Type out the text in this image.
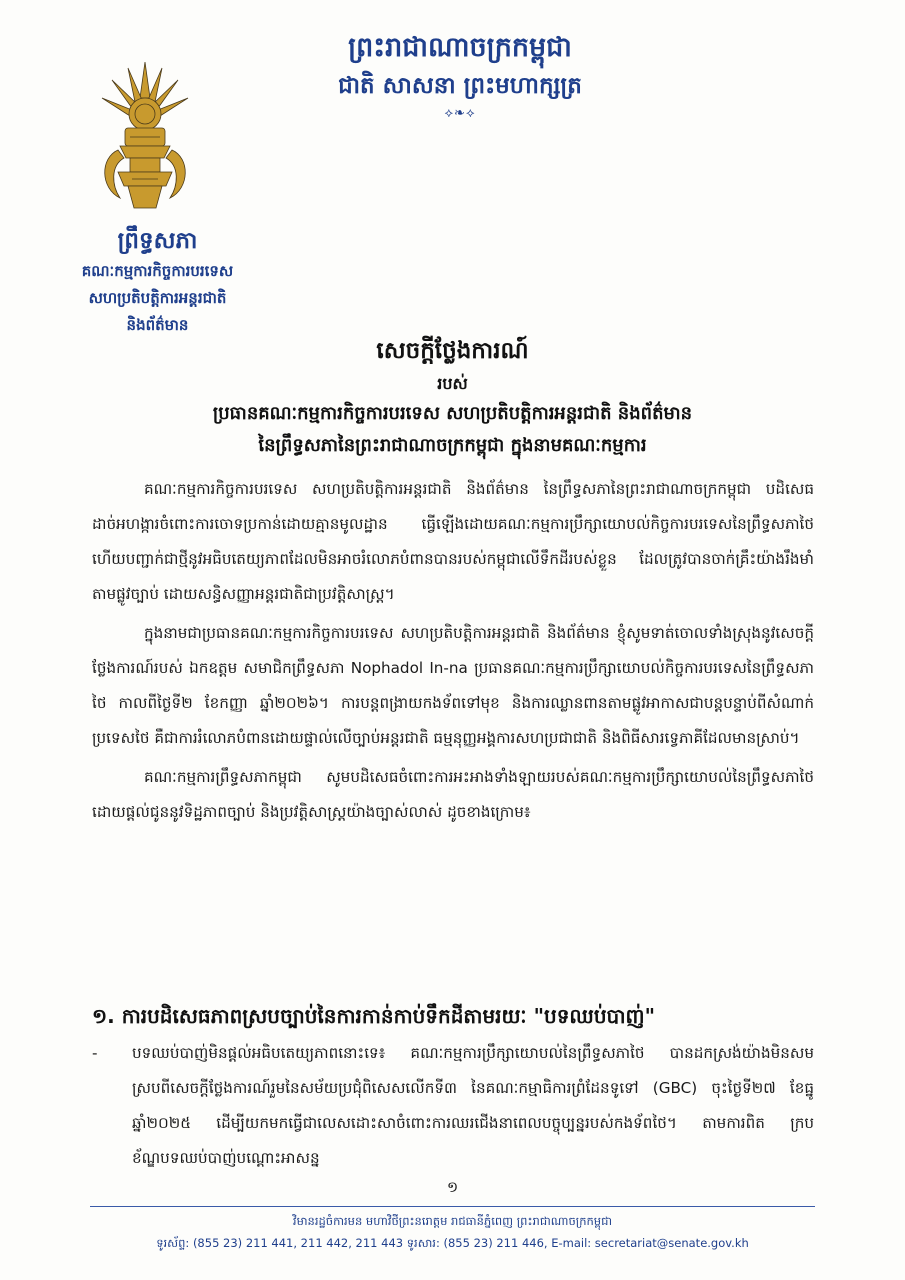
ព្រះរាជាណាចក្រកម្ពុជា
ជាតិ សាសនា ព្រះមហាក្សត្រ
⟡❧⟡
ព្រឹទ្ធសភា
គណៈកម្មការកិច្ចការបរទេស
សហប្រតិបត្តិការអន្តរជាតិ
និងព័ត៌មាន
សេចក្តីថ្លែងការណ៍
របស់
ប្រធានគណៈកម្មការកិច្ចការបរទេស សហប្រតិបត្តិការអន្តរជាតិ និងព័ត៌មាន
នៃព្រឹទ្ធសភានៃព្រះរាជាណាចក្រកម្ពុជា ក្នុងនាមគណៈកម្មការ

គណៈកម្មការកិច្ចការបរទេស សហប្រតិបត្តិការអន្តរជាតិ និងព័ត៌មាន នៃព្រឹទ្ធសភានៃព្រះរាជាណាចក្រកម្ពុជា បដិសេធដាច់អហង្ការចំពោះការចោទប្រកាន់ដោយគ្មានមូលដ្ឋាន ធ្វើឡើងដោយគណៈកម្មការប្រឹក្សាយោបល់កិច្ចការបរទេសនៃព្រឹទ្ធសភាថៃ ហើយបញ្ជាក់ជាថ្មីនូវអធិបតេយ្យភាពដែលមិនអាចរំលោភបំពានបានរបស់កម្ពុជាលើទឹកដីរបស់ខ្លួន ដែលត្រូវបានចាក់គ្រឹះយ៉ាងរឹងមាំតាមផ្លូវច្បាប់ ដោយសន្ធិសញ្ញាអន្តរជាតិជាប្រវត្តិសាស្ត្រ។

ក្នុងនាមជាប្រធានគណៈកម្មការកិច្ចការបរទេស សហប្រតិបត្តិការអន្តរជាតិ និងព័ត៌មាន ខ្ញុំសូមទាត់ចោលទាំងស្រុងនូវសេចក្តីថ្លែងការណ៍របស់ ឯកឧត្តម សមាជិកព្រឹទ្ធសភា Nophadol In-na ប្រធានគណៈកម្មការប្រឹក្សាយោបល់កិច្ចការបរទេសនៃព្រឹទ្ធសភាថៃ កាលពីថ្ងៃទី២ ខែកញ្ញា ឆ្នាំ២០២៦។ ការបន្តពង្រាយកងទ័ពទៅមុខ និងការឈ្លានពានតាមផ្លូវអាកាសជាបន្តបន្ទាប់ពីសំណាក់ប្រទេសថៃ គឺជាការរំលោភបំពានដោយផ្ទាល់លើច្បាប់អន្តរជាតិ ធម្មនុញ្ញអង្គការសហប្រជាជាតិ និងពិធីសារទ្វេភាគីដែលមានស្រាប់។

គណៈកម្មការព្រឹទ្ធសភាកម្ពុជា សូមបដិសេធចំពោះការអះអាងទាំងឡាយរបស់គណៈកម្មការប្រឹក្សាយោបល់នៃព្រឹទ្ធសភាថៃ ដោយផ្តល់ជូននូវទិដ្ឋភាពច្បាប់ និងប្រវត្តិសាស្ត្រយ៉ាងច្បាស់លាស់ ដូចខាងក្រោម៖

១. ការបដិសេធភាពស្របច្បាប់នៃការកាន់កាប់ទឹកដីតាមរយៈ "បទឈប់បាញ់"
-	បទឈប់បាញ់មិនផ្តល់អធិបតេយ្យភាពនោះទេ៖ គណៈកម្មការប្រឹក្សាយោបល់នៃព្រឹទ្ធសភាថៃ បានដកស្រង់យ៉ាងមិនសមស្របពីសេចក្តីថ្លែងការណ៍រួមនៃសម័យប្រជុំពិសេសលើកទី៣ នៃគណៈកម្មាធិការព្រំដែនទូទៅ (GBC) ចុះថ្ងៃទី២៧ ខែធ្នូ ឆ្នាំ២០២៥ ដើម្បីយកមកធ្វើជាលេសដោះសាចំពោះការឈរជើងនាពេលបច្ចុប្បន្នរបស់កងទ័ពថៃ។ តាមការពិត ក្របខ័ណ្ឌបទឈប់បាញ់បណ្តោះអាសន្ន
១
វិមានរដ្ឋចំការមន មហាវិថីព្រះនរោត្តម រាជធានីភ្នំពេញ ព្រះរាជាណាចក្រកម្ពុជា
ទូរស័ព្ទ: (855 23) 211 441, 211 442, 211 443 ទូរសារ: (855 23) 211 446, E-mail: secretariat@senate.gov.kh
